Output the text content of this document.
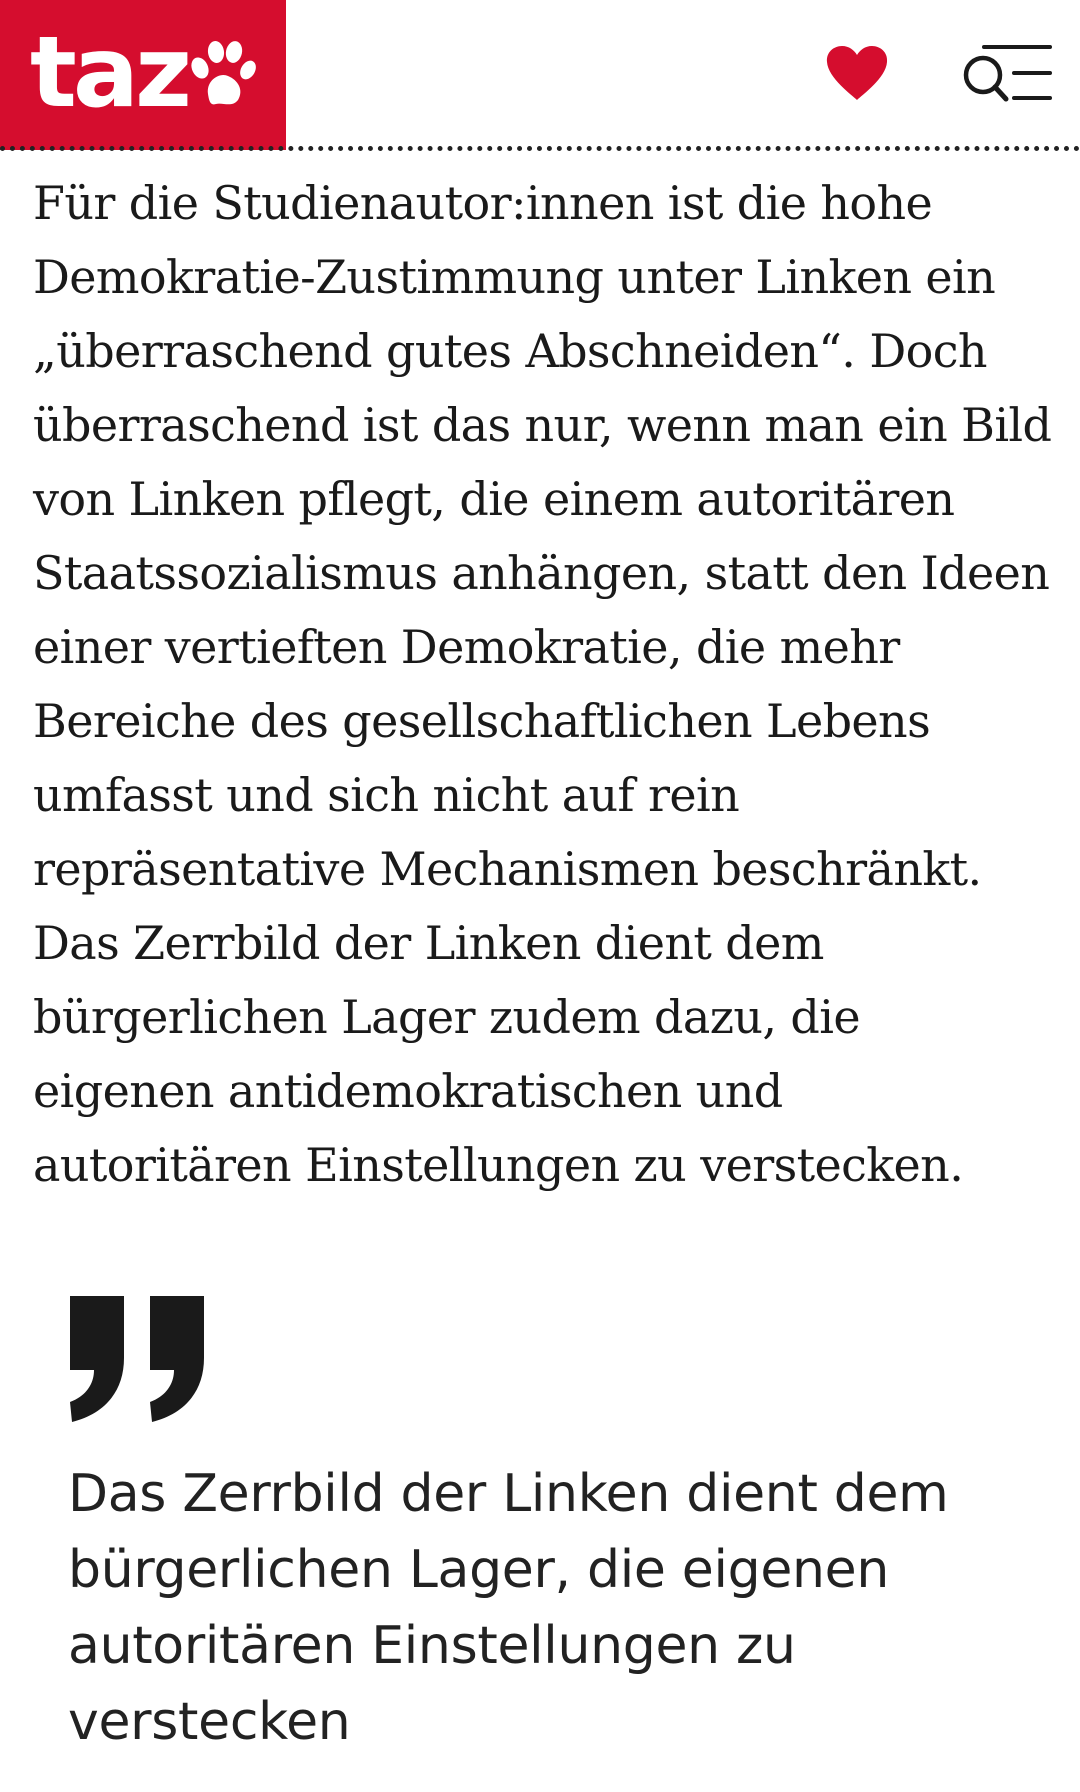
taz

Für die Studienautor:innen ist die hohe Demokratie-Zustimmung unter Linken ein „überraschend gutes Abschneiden“. Doch überraschend ist das nur, wenn man ein Bild von Linken pflegt, die einem autoritären Staatssozialismus anhängen, statt den Ideen einer vertieften Demokratie, die mehr Bereiche des gesellschaftlichen Lebens umfasst und sich nicht auf rein repräsentative Mechanismen beschränkt. Das Zerrbild der Linken dient dem bürgerlichen Lager zudem dazu, die eigenen antidemokratischen und autoritären Einstellungen zu verstecken.

Das Zerrbild der Linken dient dem bürgerlichen Lager, die eigenen autoritären Einstellungen zu verstecken
